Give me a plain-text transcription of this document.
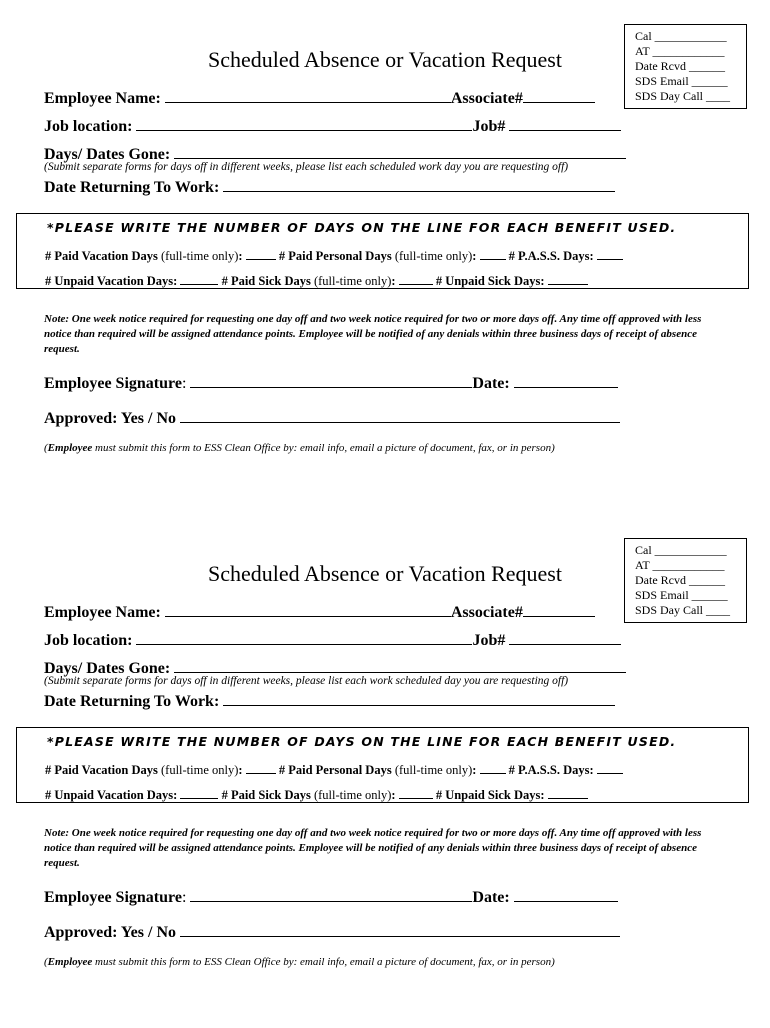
Cal ____________
AT ____________
Date Rcvd ______
SDS Email ______
SDS Day Call ____
Scheduled Absence or Vacation Request
Employee Name:	Associate#
Job location:	Job#
Days/ Dates Gone:
(Submit separate forms for days off in different weeks, please list each scheduled work day you are requesting off)
Date Returning To Work:
*PLEASE WRITE THE NUMBER OF DAYS ON THE LINE FOR EACH BENEFIT USED.
# Paid Vacation Days (full-time only):	# Paid Personal Days (full-time only):	# P.A.S.S. Days:
# Unpaid Vacation Days:	# Paid Sick Days (full-time only):	# Unpaid Sick Days:
Note: One week notice required for requesting one day off and two week notice required for two or more days off. Any time off approved with less notice than required will be assigned attendance points. Employee will be notified of any denials within three business days of receipt of absence request.
Employee Signature:	Date:
Approved: Yes / No
(Employee must submit this form to ESS Clean Office by: email info, email a picture of document, fax, or in person)
Cal ____________
AT ____________
Date Rcvd ______
SDS Email ______
SDS Day Call ____
Scheduled Absence or Vacation Request
Employee Name:	Associate#
Job location:	Job#
Days/ Dates Gone:
(Submit separate forms for days off in different weeks, please list each work scheduled day you are requesting off)
Date Returning To Work:
*PLEASE WRITE THE NUMBER OF DAYS ON THE LINE FOR EACH BENEFIT USED.
# Paid Vacation Days (full-time only):	# Paid Personal Days (full-time only):	# P.A.S.S. Days:
# Unpaid Vacation Days:	# Paid Sick Days (full-time only):	# Unpaid Sick Days:
Note: One week notice required for requesting one day off and two week notice required for two or more days off. Any time off approved with less notice than required will be assigned attendance points. Employee will be notified of any denials within three business days of receipt of absence request.
Employee Signature:	Date:
Approved: Yes / No
(Employee must submit this form to ESS Clean Office by: email info, email a picture of document, fax, or in person)
